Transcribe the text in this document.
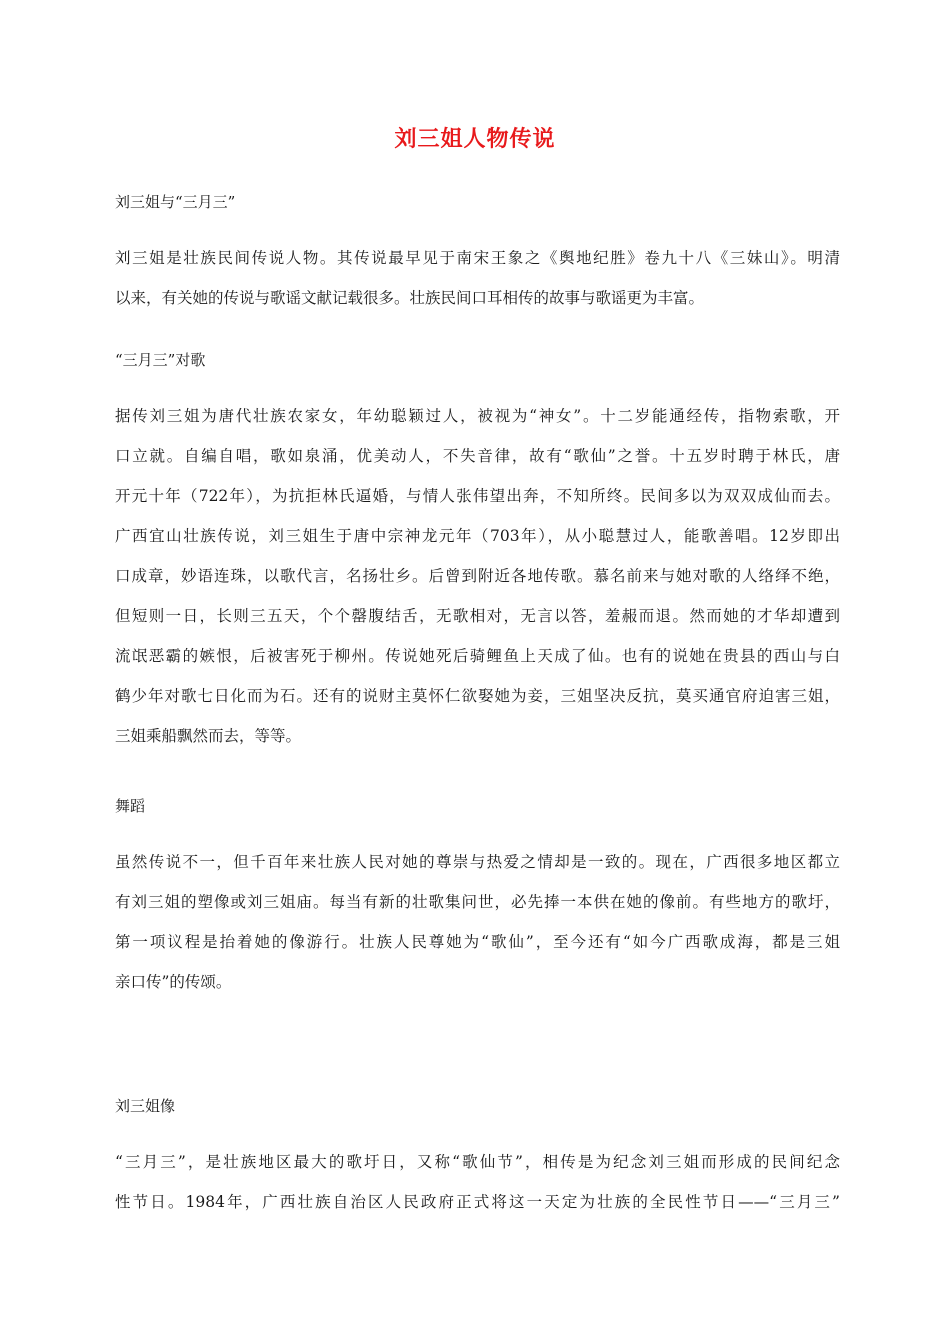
刘三姐人物传说
刘三姐与“三月三”
刘三姐是壮族民间传说人物。其传说最早见于南宋王象之《舆地纪胜》卷九十八《三妹山》。明清
以来，有关她的传说与歌谣文献记载很多。壮族民间口耳相传的故事与歌谣更为丰富。
“三月三”对歌
据传刘三姐为唐代壮族农家女，年幼聪颖过人，被视为“神女”。十二岁能通经传，指物索歌，开
口立就。自编自唱，歌如泉涌，优美动人，不失音律，故有“歌仙”之誉。十五岁时聘于林氏，唐
开元十年（722年），为抗拒林氏逼婚，与情人张伟望出奔，不知所终。民间多以为双双成仙而去。
广西宜山壮族传说，刘三姐生于唐中宗神龙元年（703年），从小聪慧过人，能歌善唱。12岁即出
口成章，妙语连珠，以歌代言，名扬壮乡。后曾到附近各地传歌。慕名前来与她对歌的人络绎不绝，
但短则一日，长则三五天，个个罄腹结舌，无歌相对，无言以答，羞赧而退。然而她的才华却遭到
流氓恶霸的嫉恨，后被害死于柳州。传说她死后骑鲤鱼上天成了仙。也有的说她在贵县的西山与白
鹤少年对歌七日化而为石。还有的说财主莫怀仁欲娶她为妾，三姐坚决反抗，莫买通官府迫害三姐，
三姐乘船飘然而去，等等。
舞蹈
虽然传说不一，但千百年来壮族人民对她的尊崇与热爱之情却是一致的。现在，广西很多地区都立
有刘三姐的塑像或刘三姐庙。每当有新的壮歌集问世，必先捧一本供在她的像前。有些地方的歌圩，
第一项议程是抬着她的像游行。壮族人民尊她为“歌仙”，至今还有“如今广西歌成海，都是三姐
亲口传”的传颂。
刘三姐像
“三月三”，是壮族地区最大的歌圩日，又称“歌仙节”，相传是为纪念刘三姐而形成的民间纪念
性节日。1984年，广西壮族自治区人民政府正式将这一天定为壮族的全民性节日——“三月三”
